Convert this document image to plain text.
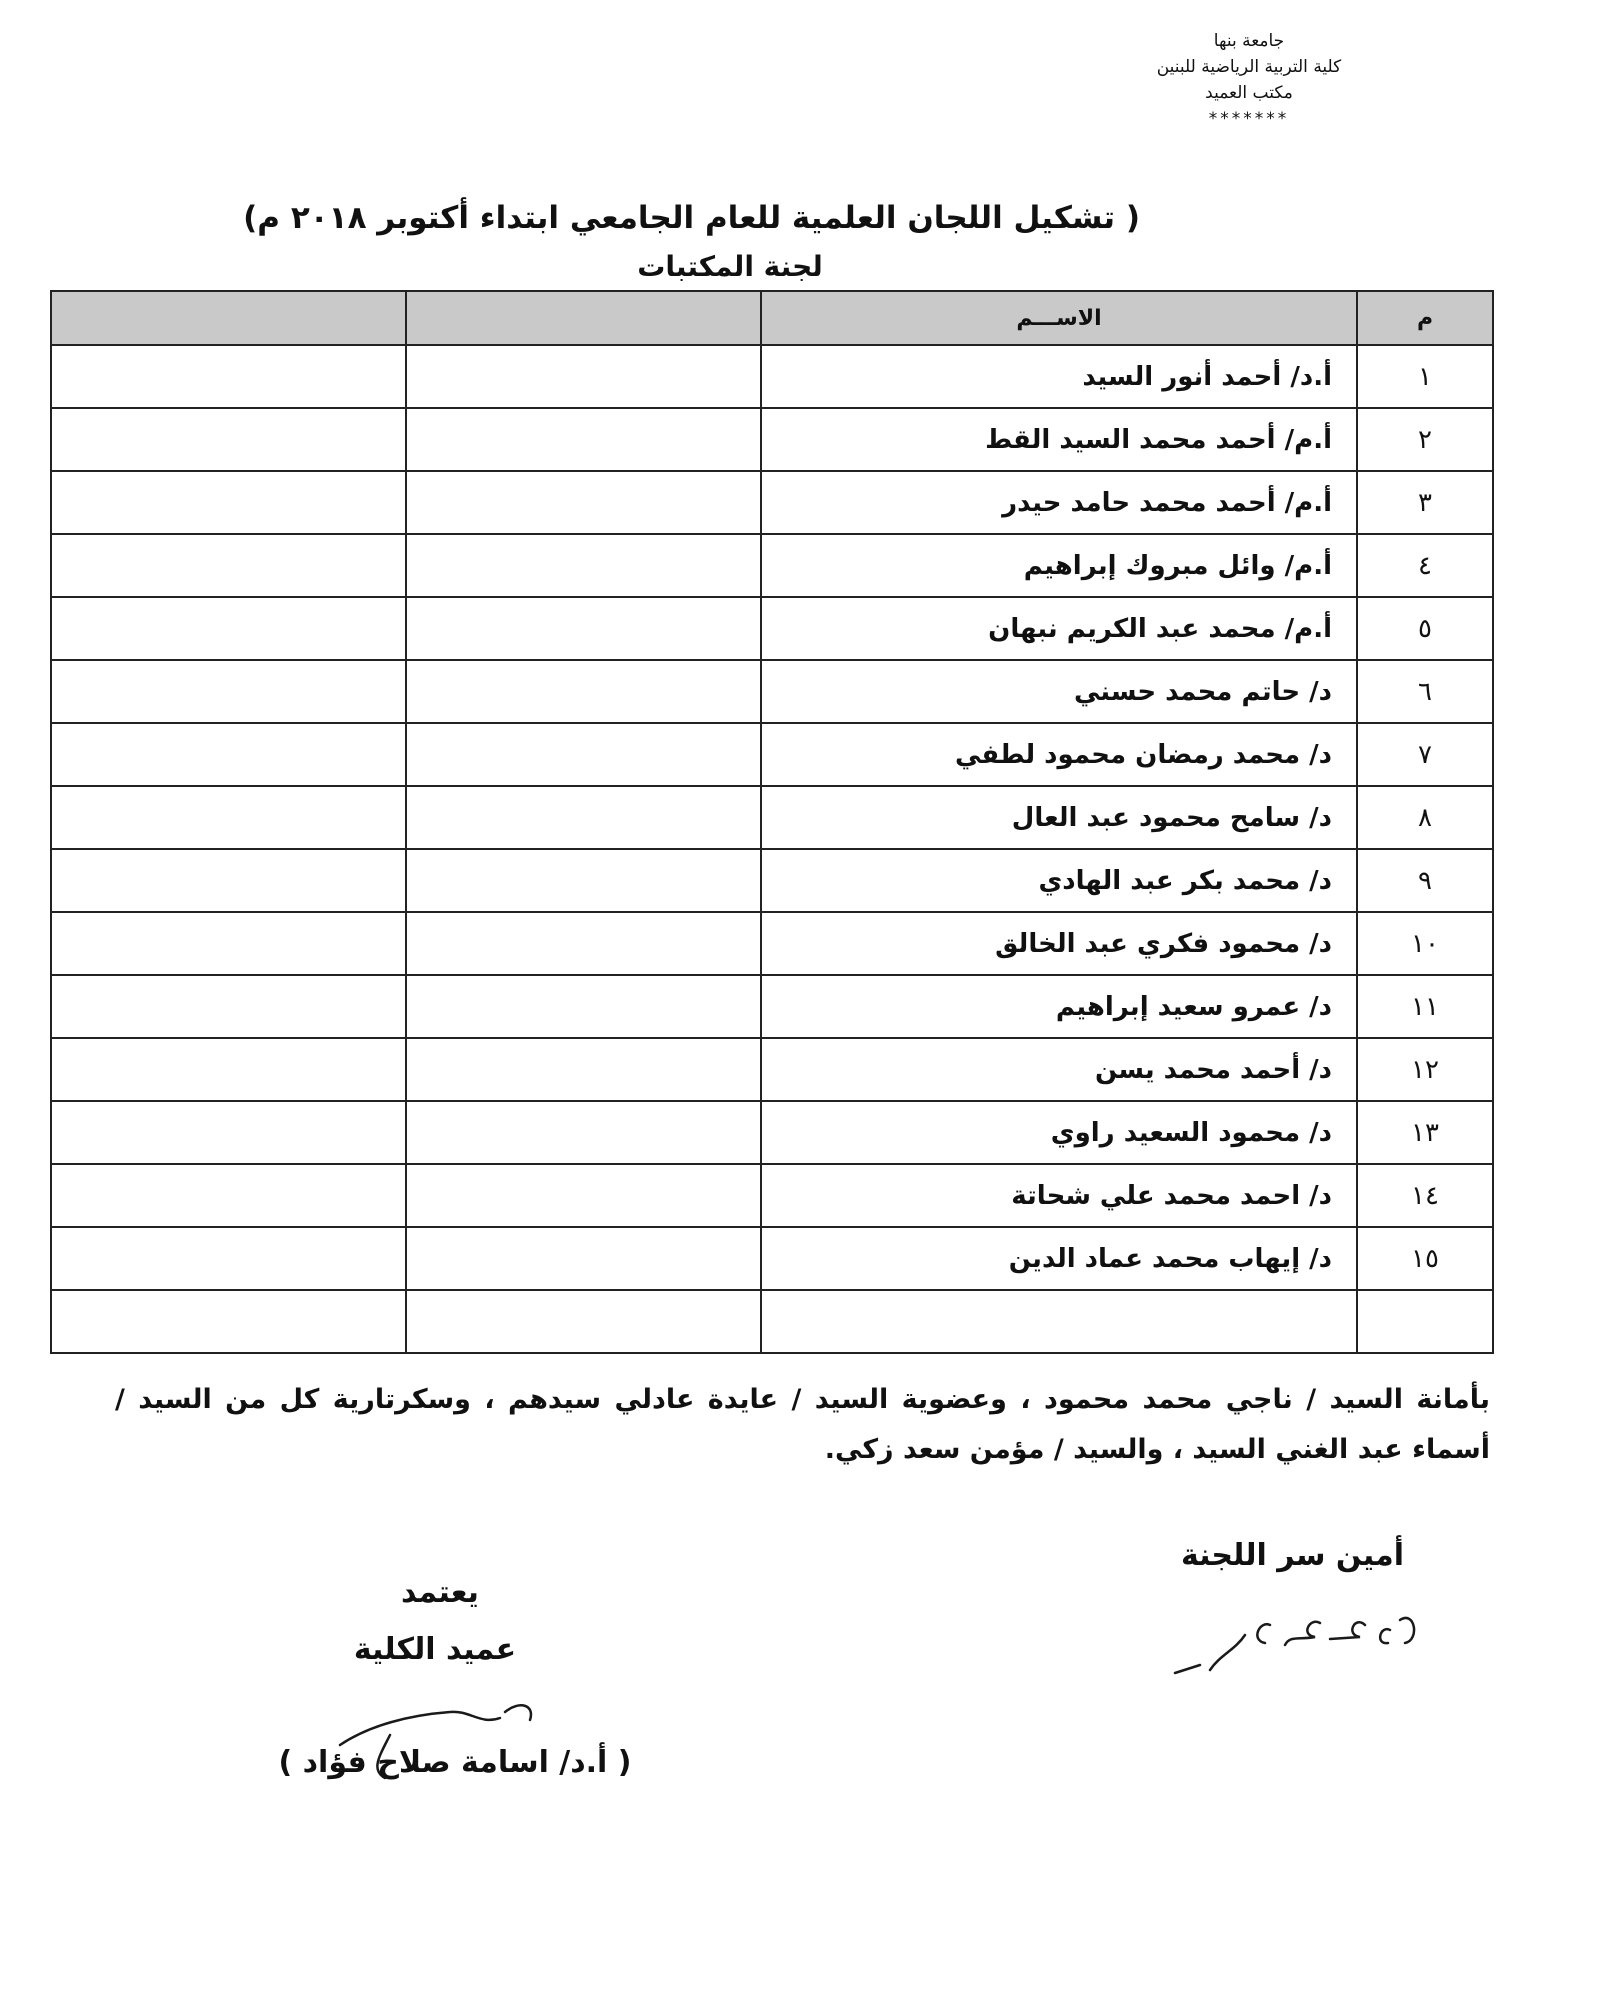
جامعة بنها
كلية التربية الرياضية للبنين
مكتب العميد
*******
( تشكيل اللجان العلمية للعام الجامعي ابتداء أكتوبر ٢٠١٨ م)
لجنة المكتبات
م	الاســـم		
١	أ.د/ أحمد أنور السيد		
٢	أ.م/ أحمد محمد السيد القط		
٣	أ.م/ أحمد محمد حامد حيدر		
٤	أ.م/ وائل مبروك إبراهيم		
٥	أ.م/ محمد عبد الكريم نبهان		
٦	د/ حاتم محمد حسني		
٧	د/ محمد رمضان محمود لطفي		
٨	د/ سامح محمود عبد العال		
٩	د/ محمد بكر عبد الهادي		
١٠	د/ محمود فكري عبد الخالق		
١١	د/ عمرو سعيد إبراهيم		
١٢	د/ أحمد محمد يسن		
١٣	د/ محمود السعيد راوي		
١٤	د/ احمد محمد علي شحاتة		
١٥	د/ إيهاب محمد عماد الدين		

بأمانة السيد / ناجي محمد محمود ، وعضوية السيد / عايدة عادلي سيدهم ، وسكرتارية كل من السيد / أسماء عبد الغني السيد ، والسيد / مؤمن سعد زكي.
أمين سر اللجنة
يعتمد
عميد الكلية
( أ.د/ اسامة صلاح فؤاد )
